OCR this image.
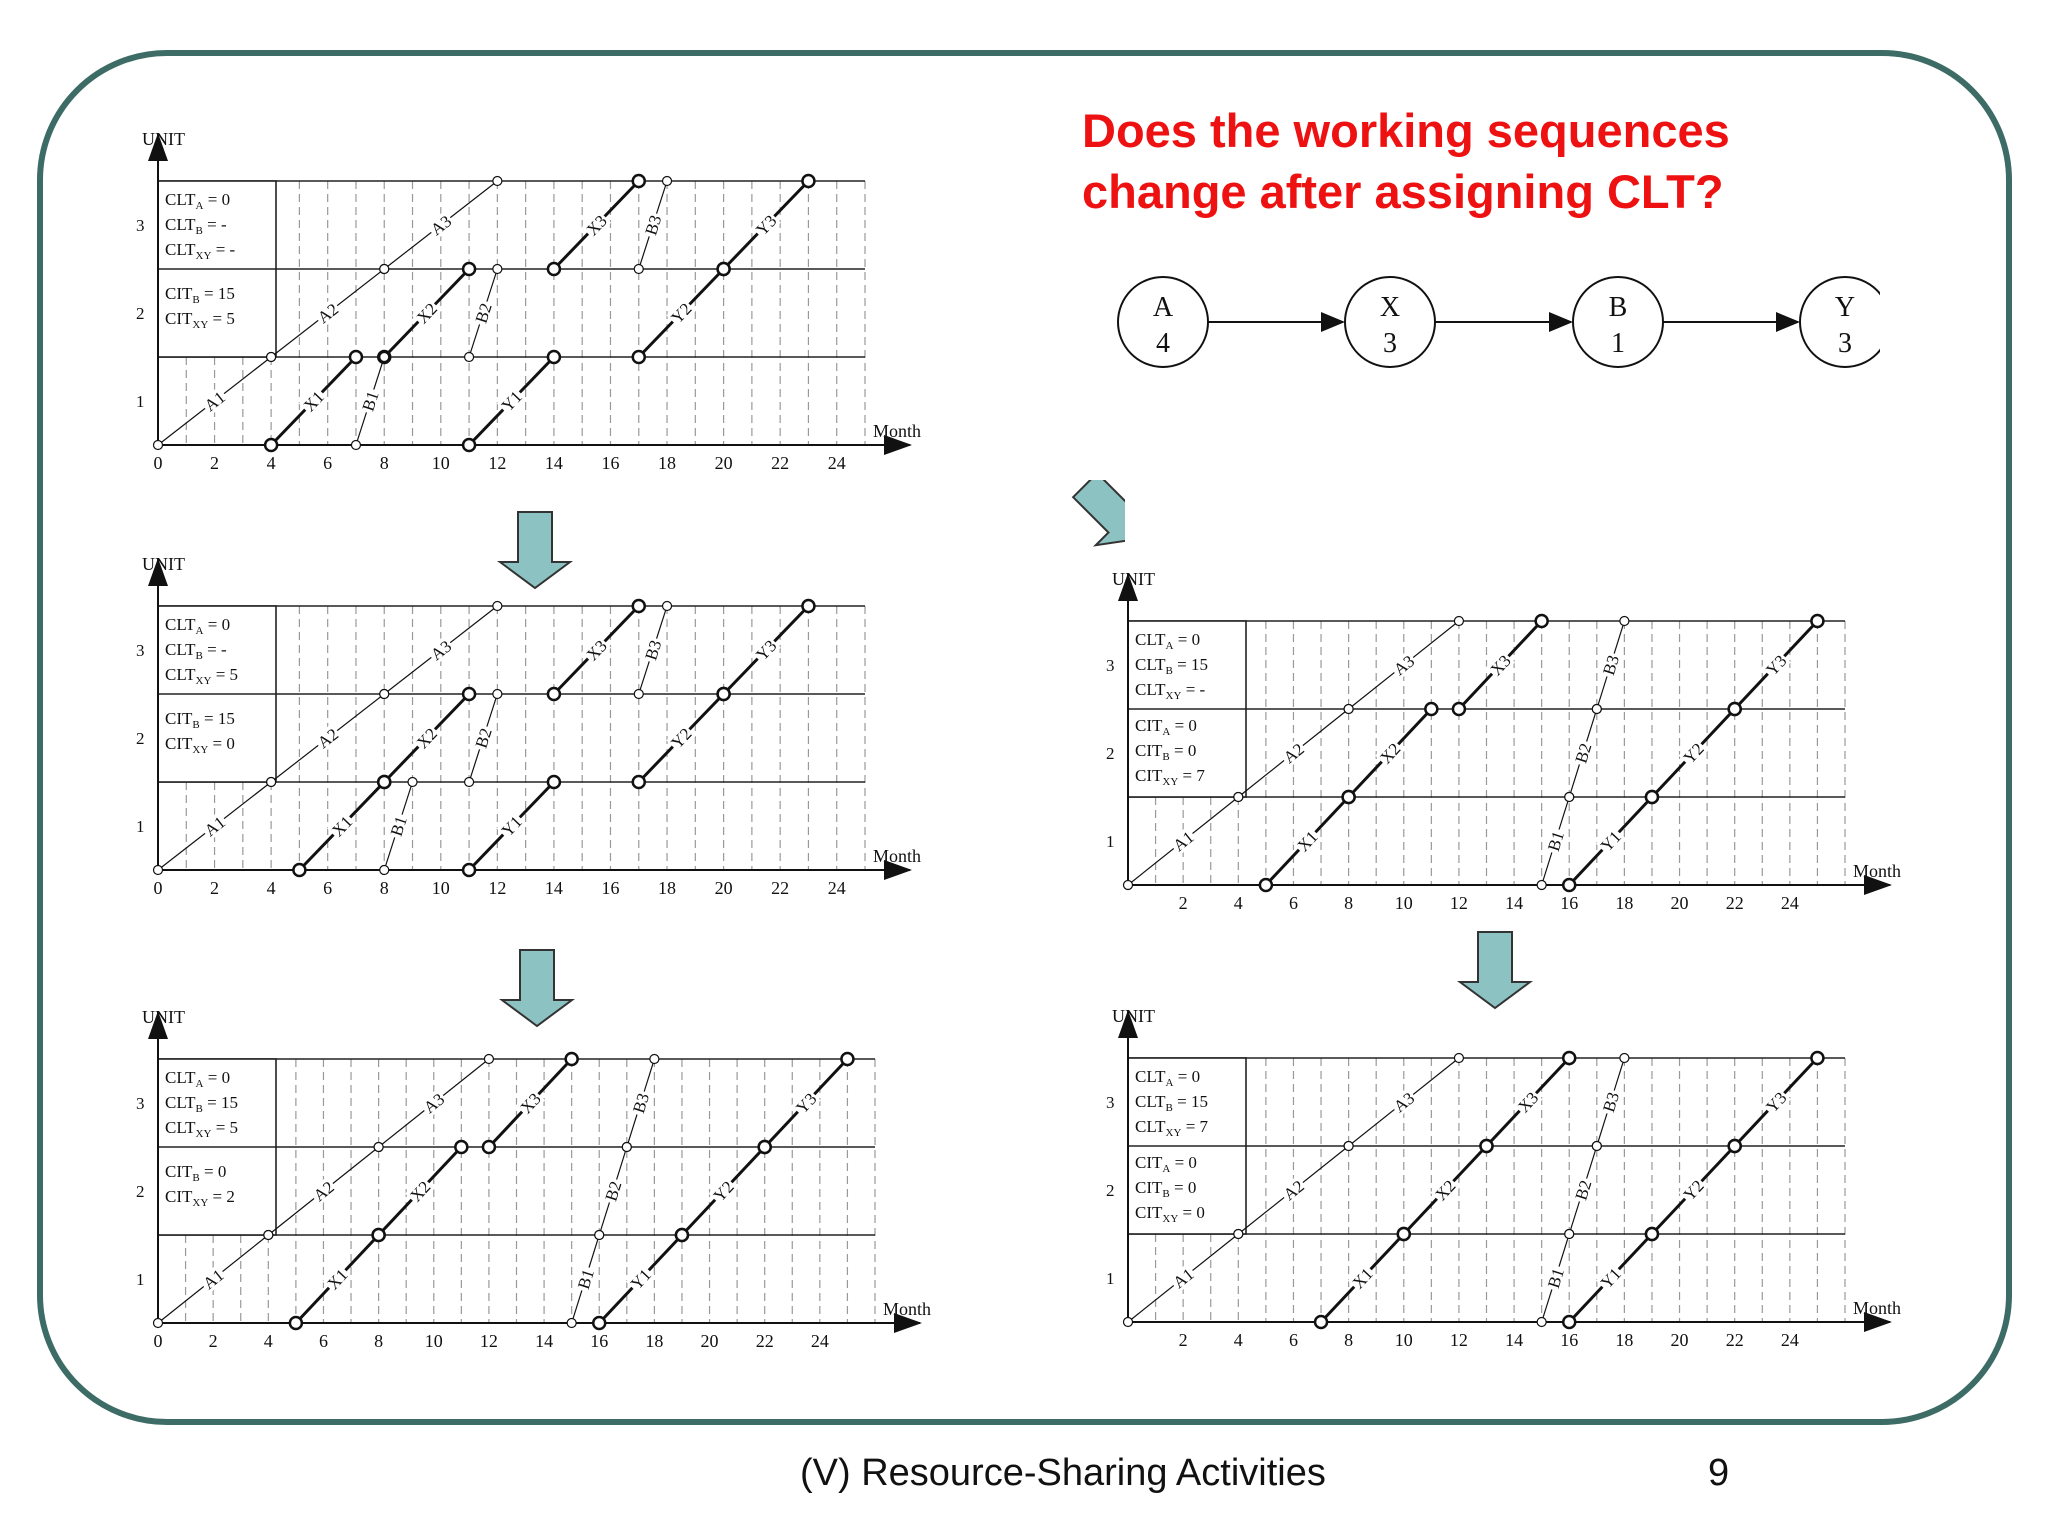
Does the working sequences change after assigning CLT?
A
4
X
3
B
1
Y
3
UNIT
Month
1
2
3
0	2	4	6	8 10 12 14 16 18 20 22 24
$CLT_A = 0$
$CLT_B$ = -
$CLT_{XY}$ = -
$CIT_B = 15$
$CIT_{XY} = 5$
A1
A2
A3
X1
X2
X3
B1
B2
B3
Y1
Y2
Y3
UNIT
Month
1
2
3
0	2	4	6	8 10 12 14 16 18 20 22 24
$CLT_A = 0$
$CLT_B$ = -
$CLT_{XY} = 5$
$CIT_B = 15$
$CIT_{XY} = 0$
A1
A2
A3
X1
X2
X3
B1
B2
B3
Y1
Y2
Y3
UNIT
Month
1
2
3
0	2	4	6	8 10 12 14 16 18 20 22 24
$CLT_A = 0$
$CLT_B = 15$
$CLT_{XY} = 5$
$CIT_B = 0$
$CIT_{XY} = 2$
A1
A2
A3
X1
X2
X3
B1
B2
B3
Y1
Y2
Y3
UNIT
Month
1
2
3
2	4	6	8 10 12 14 16 18 20 22 24
$CLT_A = 0$
$CLT_B = 15$
$CLT_{XY}$ = -
$CIT_A = 0$
$CIT_B = 0$
$CIT_{XY} = 7$
A1
A2
A3
X1
X2
X3
B1
B2
B3
Y1
Y2
Y3
UNIT
Month
1
2
3
2	4	6	8 10 12 14 16 18 20 22 24
$CLT_A = 0$
$CLT_B = 15$
$CLT_{XY} = 7$
$CIT_A = 0$
$CIT_B = 0$
$CIT_{XY} = 0$
A1
A2
A3
X1
X2
X3
B1
B2
B3
Y1
Y2
Y3
(V) Resource-Sharing Activities	9
